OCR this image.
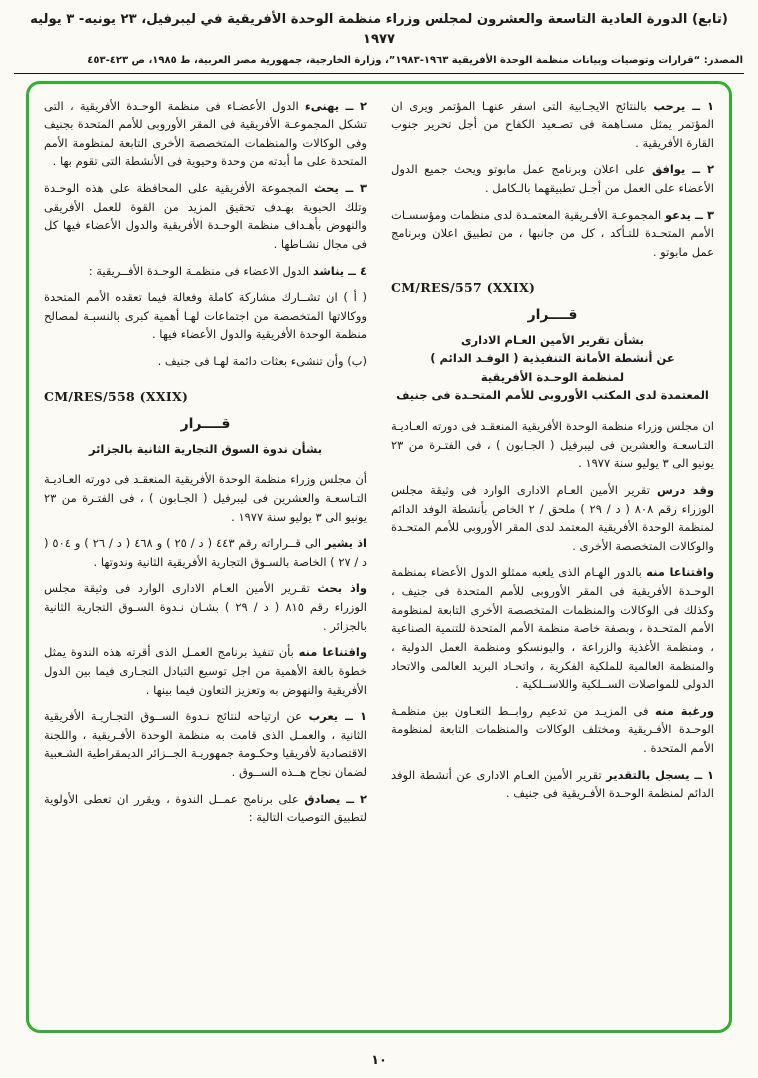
(تابع) الدورة العادية التاسعة والعشرون لمجلس وزراء منظمة الوحدة الأفريقية في ليبرفيل، ٢٣ يونيه- ٣ يوليه ١٩٧٧
المصدر: “قرارات وتوصيات وبيانات منظمة الوحدة الأفريقية ١٩٦٣-١٩٨٣”، وزارة الخارجية، جمهورية مصر العربية، ط ١٩٨٥، ص ٤٢٣-٤٥٣

١ ــ يرحب بالنتائج الايجـابية التى اسفر عنهـا المؤتمر ويرى ان المؤتمر يمثل مسـاهمة فى تصـعيد الكفاح من أجل تحرير جنوب القارة الأفريقية .

٢ ــ يوافق على اعلان وبرنامج عمل مابوتو ويحث جميع الدول الأعضاء على العمل من أجـل تطبيقهما بالـكامل .

٣ ــ يدعو المجموعـة الأفـريقية المعتمـدة لدى منظمات ومؤسسـات الأمم المتحـدة للتـأكد ، كل من جانبها ، من تطبيق اعلان وبرنامج عمل مابوتو .

CM/RES/557 (XXIX)

قــــرار

بشأن تقرير الأمين العـام الادارى

عن أنشطة الأمانة التنفيذية ( الوفـد الدائم )

لمنظمة الوحـدة الأفريقية

المعتمدة لدى المكتب الأوروبى للأمم المتحـدة فى جنيف

ان مجلس وزراء منظمة الوحدة الأفريقية المنعقـد فى دورته العـاديـة التـاسعـة والعشرين فى ليبرفيل ( الجـابون ) ، فى الفتـرة من ٢٣ يونيو الى ٣ يوليو سنة ١٩٧٧ .

وقد درس تقرير الأمين العـام الادارى الوارد فى وثيقة مجلس الوزراء رقم ٨٠٨ ( د / ٢٩ ) ملحق / ٢ الخاص بأنشطة الوفد الدائم لمنظمة الوحدة الأفريقية المعتمد لدى المقر الأوروبى للأمم المتحـدة والوكالات المتخصصة الأخرى .

واقتناعا منه بالدور الهـام الذى يلعبه ممثلو الدول الأعضاء بمنظمة الوحـدة الأفريقية فى المقر الأوروبى للأمم المتحدة فى جنيف ، وكذلك فى الوكالات والمنظمات المتخصصة الأخرى التابعة لمنظومة الأمم المتحـدة ، وبصفة خاصة منظمة الأمم المتحدة للتنمية الصناعية ، ومنظمة الأغذية والزراعة ، واليونسكو ومنظمة العمل الدولية ، والمنظمة العالمية للملكية الفكرية ، واتحـاد البريد العالمى والاتحاد الدولى للمواصلات الســلكية واللاســلكية .

ورغبة منه فى المزيـد من تدعيم روابــط التعـاون بين منظمـة الوحـدة الأفـريقية ومختلف الوكالات والمنظمات التابعة لمنظومة الأمم المتحدة .

١ ــ يسجل بالتقدير تقرير الأمين العـام الادارى عن أنشطة الوفد الدائم لمنظمة الوحـدة الأفـريقية فى جنيف .

٢ ــ يهنىء الدول الأعضـاء فى منظمة الوحـدة الأفريقية ، التى تشكل المجموعـة الأفريقية فى المقر الأوروبى للأمم المتحدة بجنيف وفى الوكالات والمنظمات المتخصصة الأخرى التابعة لمنظومة الأمم المتحدة على ما أبدته من وحدة وحيوية فى الأنشطة التى تقوم بها .

٣ ــ يحث المجموعة الأفريقية على المحافظة على هذه الوحـدة وتلك الحيوية بهـدف تحقيق المزيد من القوة للعمل الأفريقى والنهوض بأهـداف منظمة الوحـدة الأفريقية والدول الأعضاء فيها كل فى مجال نشـاطها .

٤ ــ يناشد الدول الاعضاء فى منظمـة الوحـدة الأفــريقية :

( أ ) ان تشــارك مشاركة كاملة وفعالة فيما تعقده الأمم المتحدة ووكالاتها المتخصصة من اجتماعات لهـا أهمية كبرى بالنسبـة لمصالح منظمة الوحدة الأفريقية والدول الأعضاء فيها .

(ب) وأن تنشىء بعثات دائمة لهـا فى جنيف .

CM/RES/558 (XXIX)

قــــرار

بشأن ندوة السوق التجارية الثانية بالجزائر

أن مجلس وزراء منظمة الوحدة الأفريقية المنعقـد فى دورته العـاديـة التـاسعـة والعشرين فى ليبرفيل ( الجـابون ) ، فى الفتـرة من ٢٣ يونيو الى ٣ يوليو سنة ١٩٧٧ .

اذ يشير الى قــراراته رقم ٤٤٣ ( د / ٢٥ ) و ٤٦٨ ( د / ٢٦ ) و ٥٠٤ ( د / ٢٧ ) الخاصة بالسـوق التجارية الأفريقية الثانية وندوتها .

واذ بحث تقـرير الأمين العـام الادارى الوارد فى وثيقة مجلس الوزراء رقم ٨١٥ ( د / ٢٩ ) بشـان نـدوة السـوق التجارية الثانية بالجزائر .

واقتناعا منه بأن تنفيذ برنامج العمـل الذى أقرته هذه الندوة يمثل خطوة بالغة الأهمية من اجل توسيع التبادل التجـارى فيما بين الدول الأفريقية والنهوض به وتعزيز التعاون فيما بينها .

١ ــ يعرب عن ارتياحه لنتائج نـدوة الســوق التجـاريـة الأفريقية الثانية ، والعمـل الذى قامت به منظمة الوحدة الأفـريقية ، واللجنة الاقتصادية لأفريقيا وحكـومة جمهوريـة الجــزائر الديمقراطية الشـعبية لضمان نجاح هــذه الســوق .

٢ ــ يصادق على برنامج عمــل الندوة ، ويقرر ان تعطى الأولوية لتطبيق التوصيات التالية :

١٠
